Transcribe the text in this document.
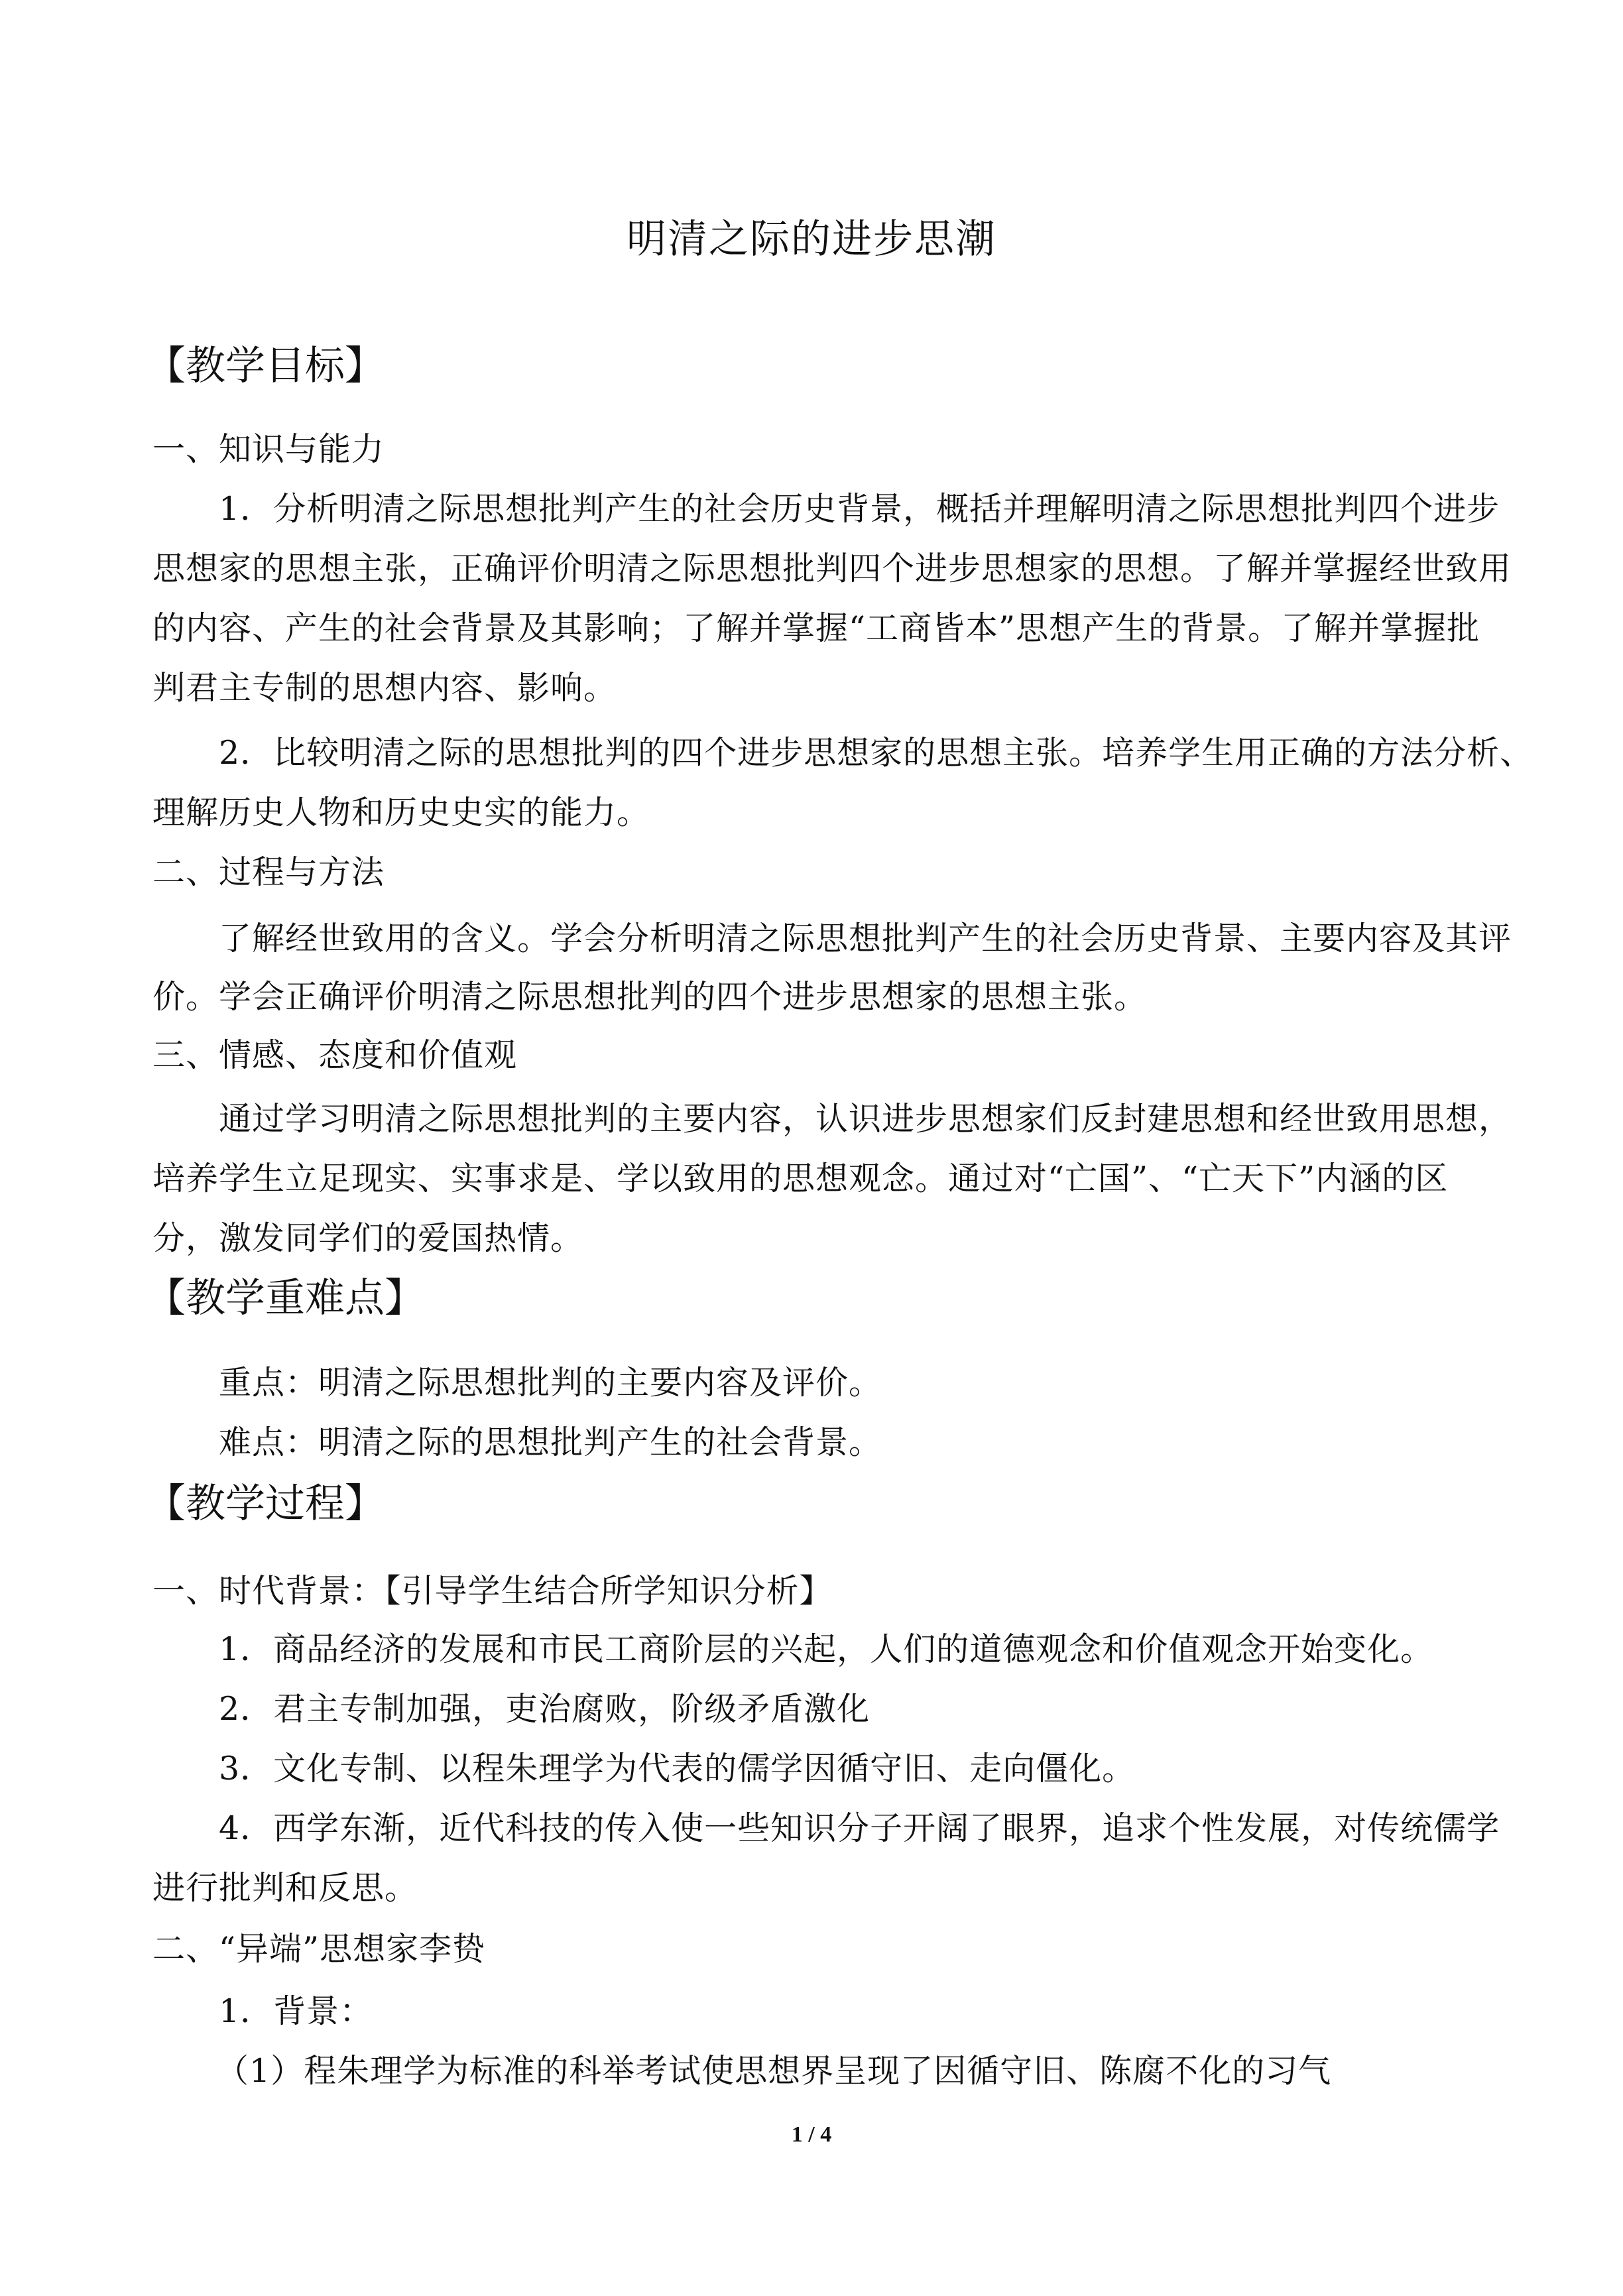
明清之际的进步思潮
【教学目标】
一、知识与能力
1．分析明清之际思想批判产生的社会历史背景，概括并理解明清之际思想批判四个进步
思想家的思想主张，正确评价明清之际思想批判四个进步思想家的思想。了解并掌握经世致用
的内容、产生的社会背景及其影响；了解并掌握“工商皆本”思想产生的背景。了解并掌握批
判君主专制的思想内容、影响。
2．比较明清之际的思想批判的四个进步思想家的思想主张。培养学生用正确的方法分析、
理解历史人物和历史史实的能力。
二、过程与方法
了解经世致用的含义。学会分析明清之际思想批判产生的社会历史背景、主要内容及其评
价。学会正确评价明清之际思想批判的四个进步思想家的思想主张。
三、情感、态度和价值观
通过学习明清之际思想批判的主要内容，认识进步思想家们反封建思想和经世致用思想，
培养学生立足现实、实事求是、学以致用的思想观念。通过对“亡国”、“亡天下”内涵的区
分，激发同学们的爱国热情。
【教学重难点】
重点：明清之际思想批判的主要内容及评价。
难点：明清之际的思想批判产生的社会背景。
【教学过程】
一、时代背景：【引导学生结合所学知识分析】
1．商品经济的发展和市民工商阶层的兴起，人们的道德观念和价值观念开始变化。
2．君主专制加强，吏治腐败，阶级矛盾激化
3．文化专制、以程朱理学为代表的儒学因循守旧、走向僵化。
4．西学东渐，近代科技的传入使一些知识分子开阔了眼界，追求个性发展，对传统儒学
进行批判和反思。
二、“异端”思想家李贽
1．背景：
（1）程朱理学为标准的科举考试使思想界呈现了因循守旧、陈腐不化的习气
1 / 4
